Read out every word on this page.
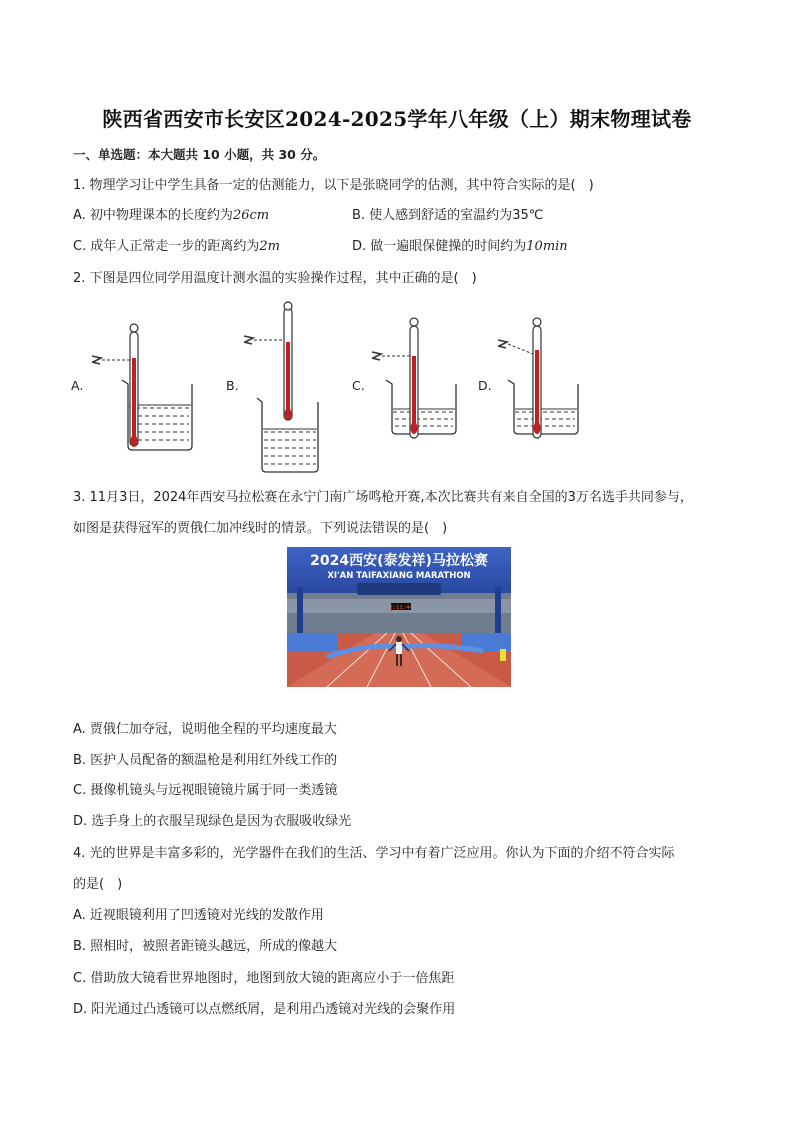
陕西省西安市长安区2024-2025学年八年级（上）期末物理试卷
一、单选题：本大题共 10 小题，共 30 分。
1. 物理学习让中学生具备一定的估测能力，以下是张晓同学的估测，其中符合实际的是(　)
A. 初中物理课本的长度约为26cm	B. 使人感到舒适的室温约为35℃
C. 成年人正常走一步的距离约为2m	D. 做一遍眼保健操的时间约为10min
2. 下图是四位同学用温度计测水温的实验操作过程，其中正确的是(　)
A.	B.	C.	D.
3. 11月3日，2024年西安马拉松赛在永宁门南广场鸣枪开赛,本次比赛共有来自全国的3万名选手共同参与，
如图是获得冠军的贾俄仁加冲线时的情景。下列说法错误的是(　)
2024西安(泰发祥)马拉松赛
XI'AN TAIFAXIANG MARATHON
2:11:44
A. 贾俄仁加夺冠，说明他全程的平均速度最大
B. 医护人员配备的额温枪是利用红外线工作的
C. 摄像机镜头与远视眼镜镜片属于同一类透镜
D. 选手身上的衣服呈现绿色是因为衣服吸收绿光
4. 光的世界是丰富多彩的，光学器件在我们的生活、学习中有着广泛应用。你认为下面的介绍不符合实际
的是(　)
A. 近视眼镜利用了凹透镜对光线的发散作用
B. 照相时，被照者距镜头越远，所成的像越大
C. 借助放大镜看世界地图时，地图到放大镜的距离应小于一倍焦距
D. 阳光通过凸透镜可以点燃纸屑，是利用凸透镜对光线的会聚作用
